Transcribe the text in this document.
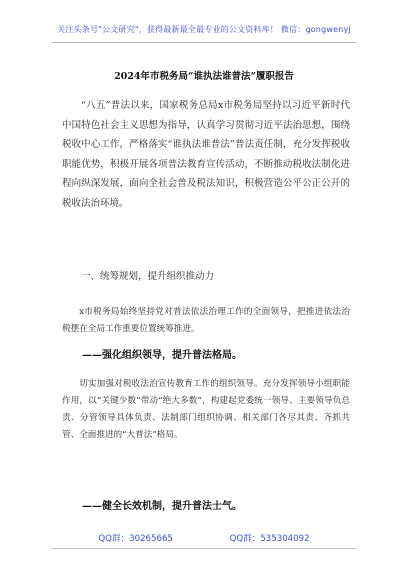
关注头条号"公文研究"，获得最新最全最专业的公文资料库！ 微信：gongwenyj
2024年市税务局“谁执法谁普法”履职报告

“八五”普法以来，国家税务总局x市税务局坚持以习近平新时代中国特色社会主义思想为指导，认真学习贯彻习近平法治思想，围绕税收中心工作，严格落实“谁执法谁普法”普法责任制，充分发挥税收职能优势，积极开展各项普法教育宣传活动，不断推动税收法制化进程向纵深发展，面向全社会普及税法知识，积极营造公平公正公开的税收法治环境。

一、统筹规划，提升组织推动力

x市税务局始终坚持党对普法依法治理工作的全面领导，把推进依法治税摆在全局工作重要位置统筹推进。

——强化组织领导，提升普法格局。

切实加强对税收法治宣传教育工作的组织领导。充分发挥领导小组职能作用，以“关键少数”带动“绝大多数”，构建起党委统一领导、主要领导负总责、分管领导具体负责、法制部门组织协调、相关部门各尽其责、齐抓共管、全面推进的“大普法”格局。

——健全长效机制，提升普法士气。

QQ群：30265665	QQ群：535304092
